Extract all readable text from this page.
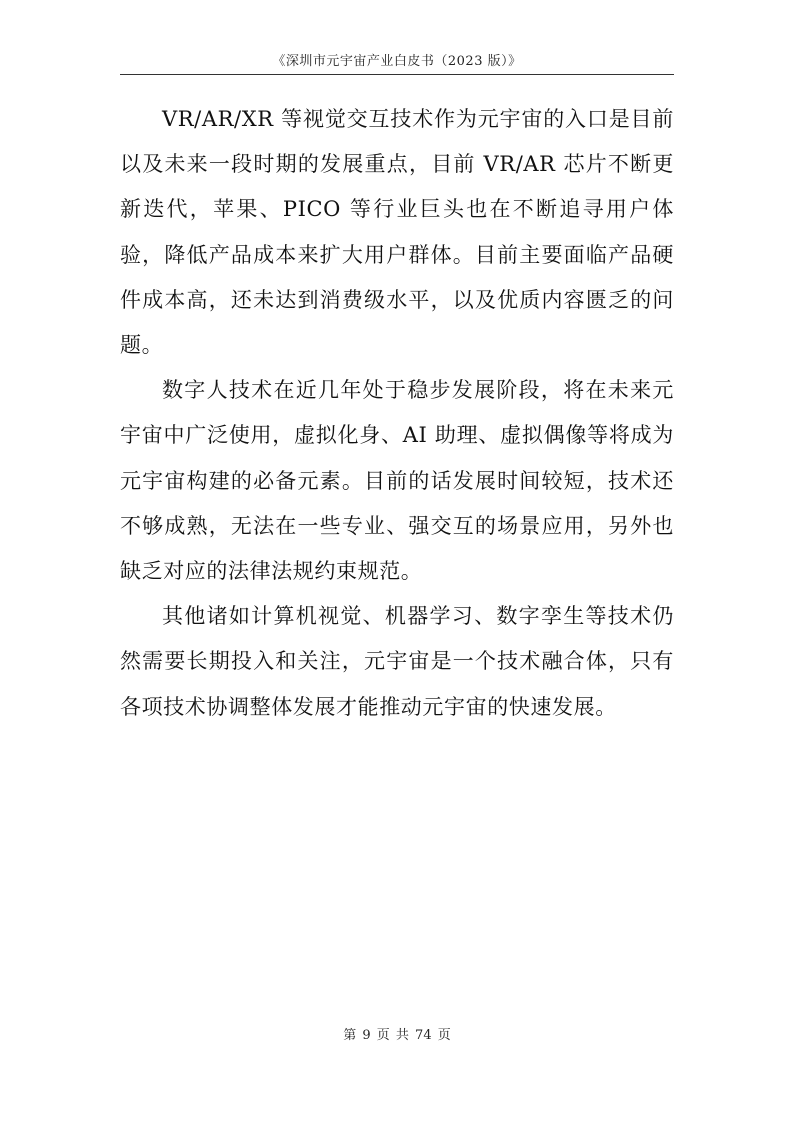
《深圳市元宇宙产业白皮书（2023 版）》

VR/AR/XR 等视觉交互技术作为元宇宙的入口是目前以及未来一段时期的发展重点，目前 VR/AR 芯片不断更新迭代，苹果、PICO 等行业巨头也在不断追寻用户体验，降低产品成本来扩大用户群体。目前主要面临产品硬件成本高，还未达到消费级水平，以及优质内容匮乏的问题。

数字人技术在近几年处于稳步发展阶段，将在未来元宇宙中广泛使用，虚拟化身、AI 助理、虚拟偶像等将成为元宇宙构建的必备元素。目前的话发展时间较短，技术还不够成熟，无法在一些专业、强交互的场景应用，另外也缺乏对应的法律法规约束规范。

其他诸如计算机视觉、机器学习、数字孪生等技术仍然需要长期投入和关注，元宇宙是一个技术融合体，只有各项技术协调整体发展才能推动元宇宙的快速发展。

第 9 页 共 74 页
